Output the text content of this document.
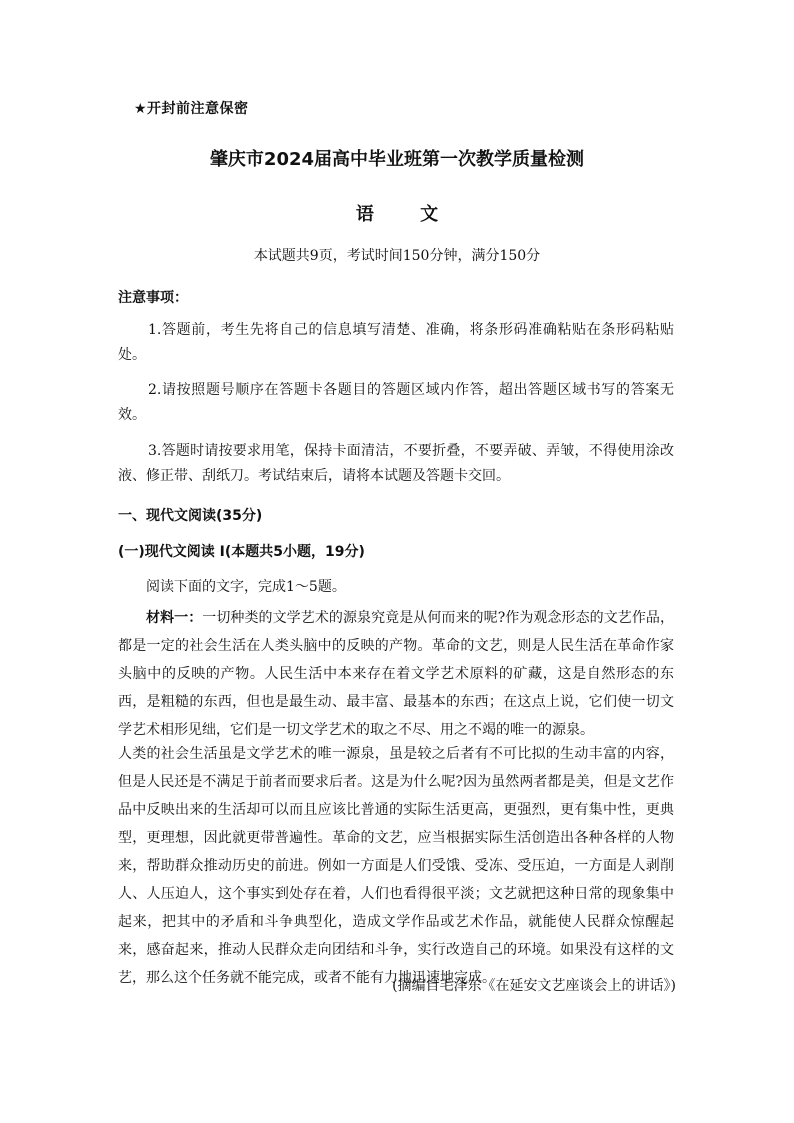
★开封前注意保密
肇庆市2024届高中毕业班第一次教学质量检测
语 文
本试题共9页，考试时间150分钟，满分150分
注意事项：
1.答题前，考生先将自己的信息填写清楚、准确，将条形码准确粘贴在条形码粘贴处。
2.请按照题号顺序在答题卡各题目的答题区域内作答，超出答题区域书写的答案无效。
3.答题时请按要求用笔，保持卡面清洁，不要折叠，不要弄破、弄皱，不得使用涂改液、修正带、刮纸刀。考试结束后，请将本试题及答题卡交回。
一、现代文阅读(35分)
(一)现代文阅读 I(本题共5小题，19分)
阅读下面的文字，完成1～5题。
材料一：一切种类的文学艺术的源泉究竟是从何而来的呢?作为观念形态的文艺作品，都是一定的社会生活在人类头脑中的反映的产物。革命的文艺，则是人民生活在革命作家头脑中的反映的产物。人民生活中本来存在着文学艺术原料的矿藏，这是自然形态的东西，是粗糙的东西，但也是最生动、最丰富、最基本的东西；在这点上说，它们使一切文学艺术相形见绌，它们是一切文学艺术的取之不尽、用之不竭的唯一的源泉。
人类的社会生活虽是文学艺术的唯一源泉，虽是较之后者有不可比拟的生动丰富的内容，但是人民还是不满足于前者而要求后者。这是为什么呢?因为虽然两者都是美，但是文艺作品中反映出来的生活却可以而且应该比普通的实际生活更高，更强烈，更有集中性，更典型，更理想，因此就更带普遍性。革命的文艺，应当根据实际生活创造出各种各样的人物来，帮助群众推动历史的前进。例如一方面是人们受饿、受冻、受压迫，一方面是人剥削人、人压迫人，这个事实到处存在着，人们也看得很平淡；文艺就把这种日常的现象集中起来，把其中的矛盾和斗争典型化，造成文学作品或艺术作品，就能使人民群众惊醒起来，感奋起来，推动人民群众走向团结和斗争，实行改造自己的环境。如果没有这样的文艺，那么这个任务就不能完成，或者不能有力地迅速地完成。
(摘编自毛泽东《在延安文艺座谈会上的讲话》)
